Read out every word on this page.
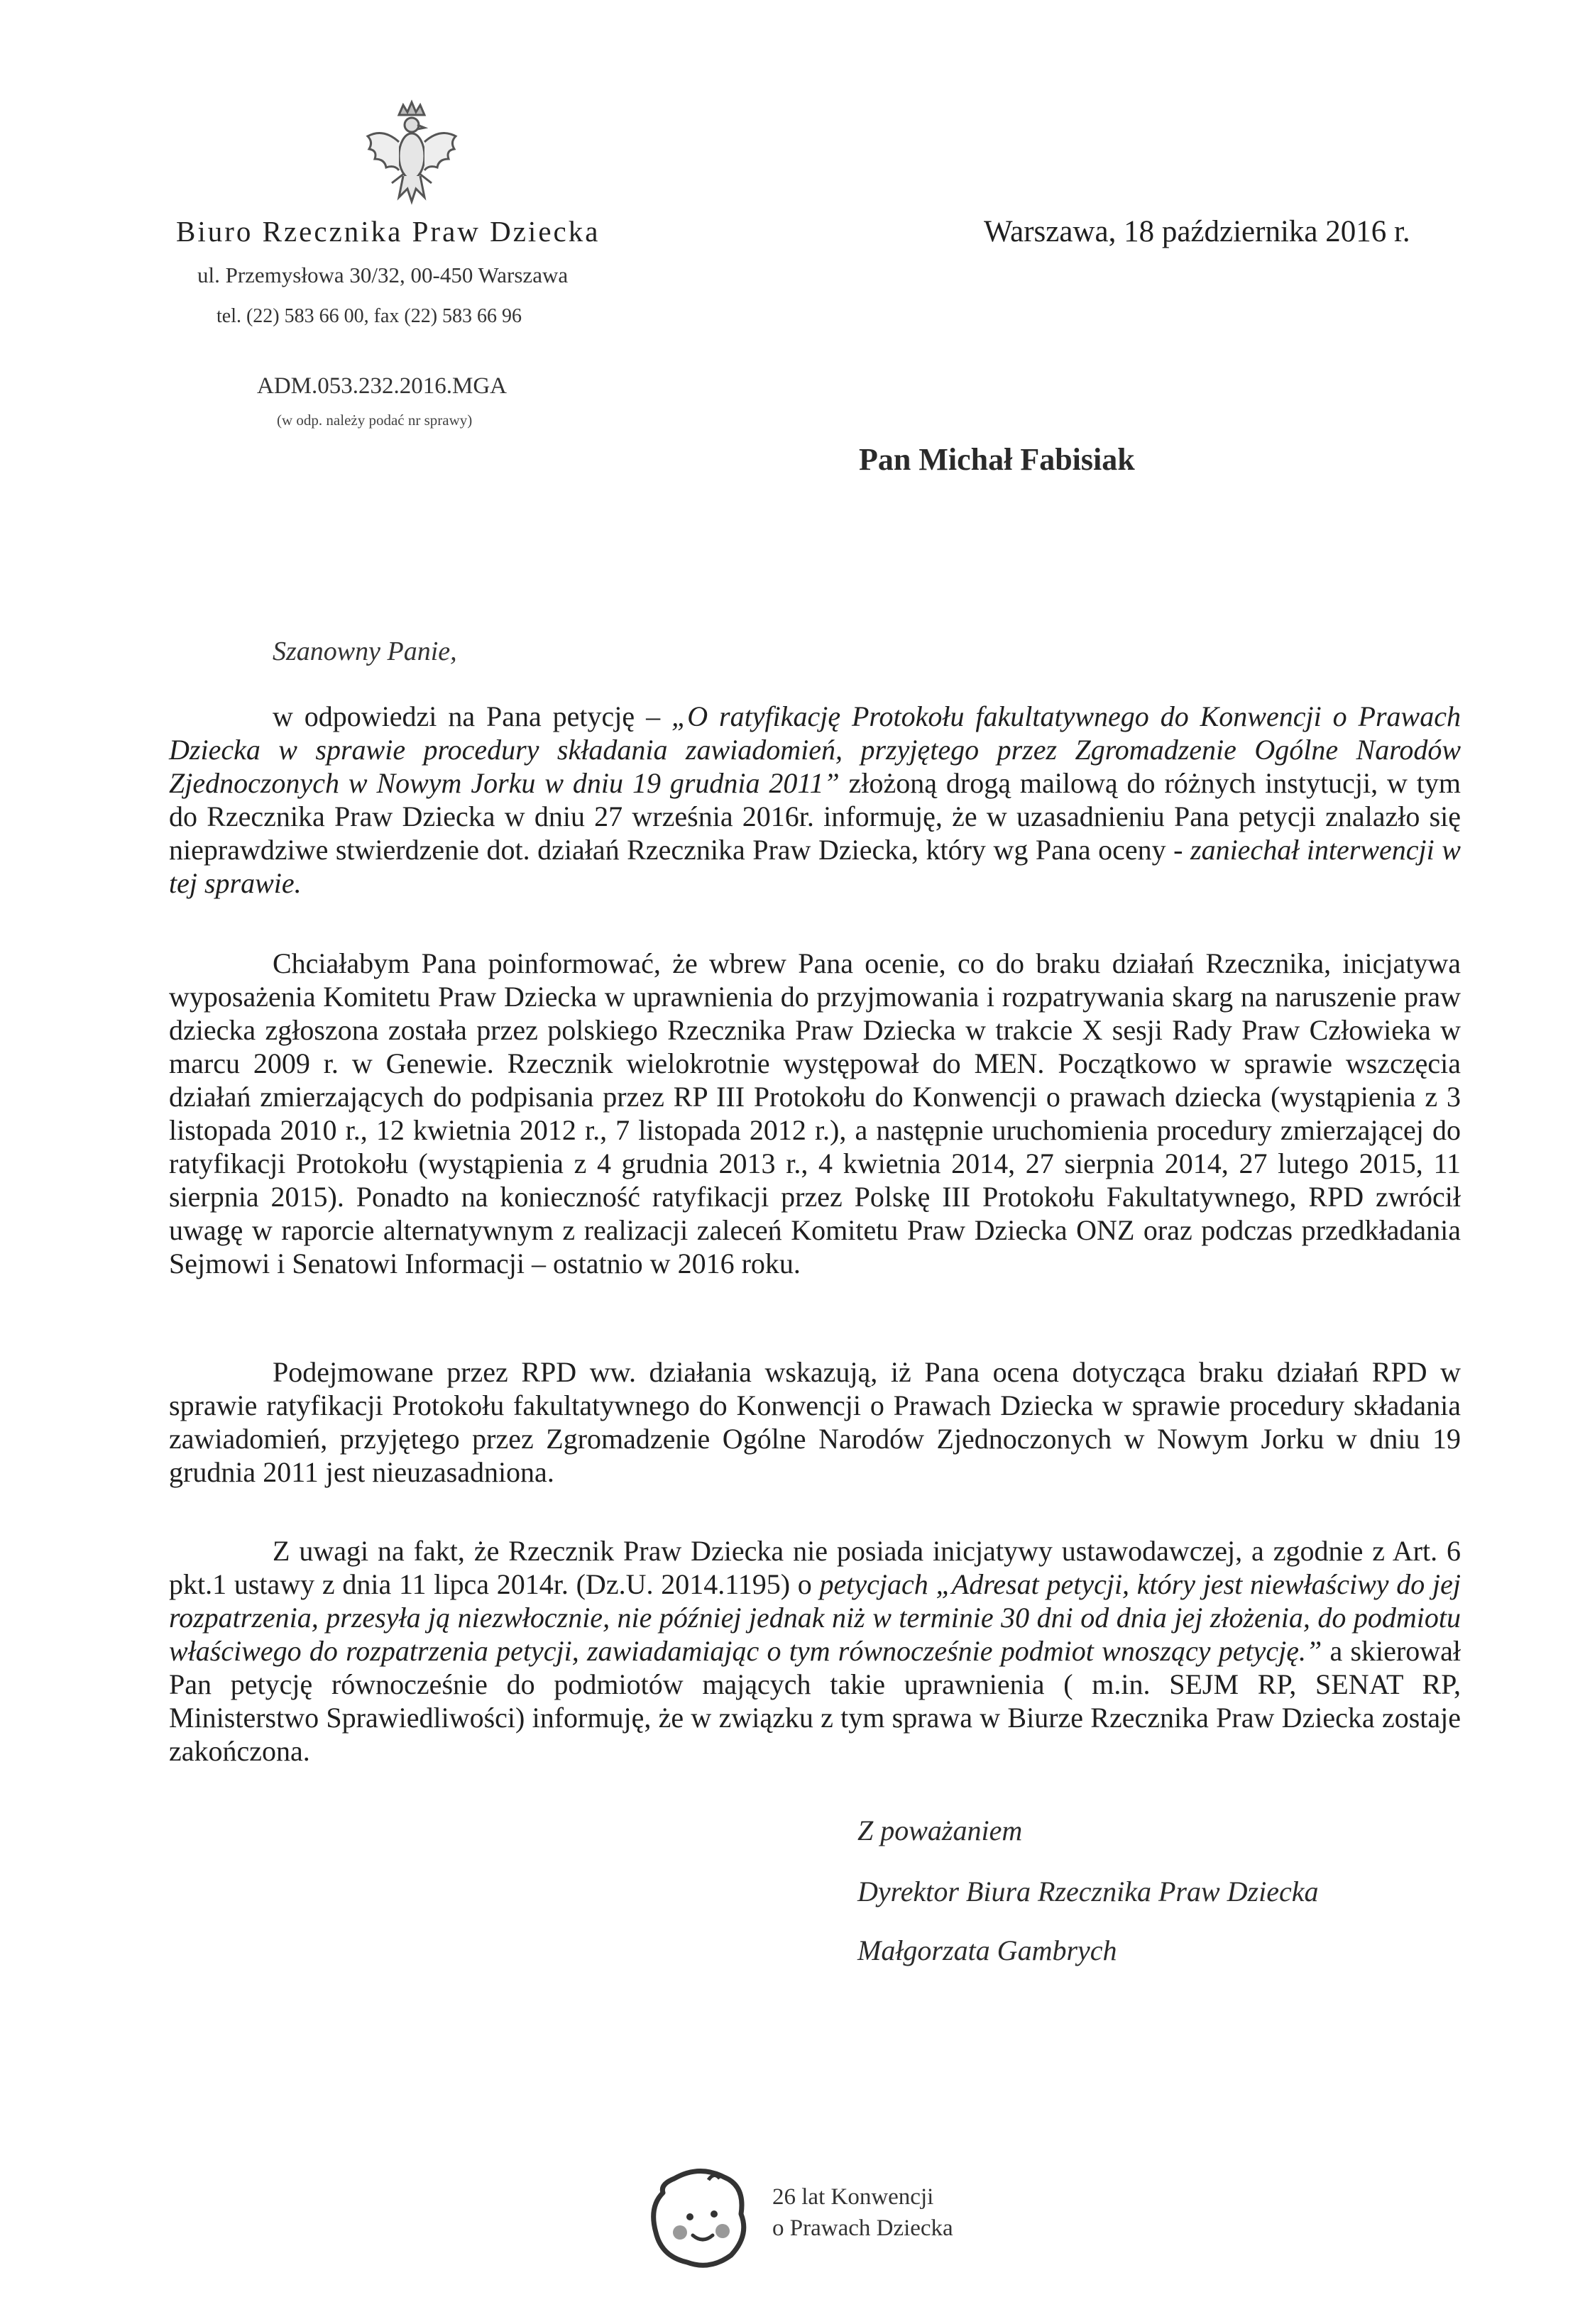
Biuro Rzecznika Praw Dziecka
ul. Przemysłowa 30/32, 00-450 Warszawa
tel. (22) 583 66 00, fax (22) 583 66 96
Warszawa, 18 października 2016 r.
ADM.053.232.2016.MGA
(w odp. należy podać nr sprawy)
Pan Michał Fabisiak
Szanowny Panie,

w odpowiedzi na Pana petycję – „O ratyfikację Protokołu fakultatywnego do Konwencji o Prawach Dziecka w sprawie procedury składania zawiadomień, przyjętego przez Zgromadzenie Ogólne Narodów Zjednoczonych w Nowym Jorku w dniu 19 grudnia 2011” złożoną drogą mailową do różnych instytucji, w tym do Rzecznika Praw Dziecka w dniu 27 września 2016r. informuję, że w uzasadnieniu Pana petycji znalazło się nieprawdziwe stwierdzenie dot. działań Rzecznika Praw Dziecka, który wg Pana oceny - zaniechał interwencji w tej sprawie.

Chciałabym Pana poinformować, że wbrew Pana ocenie, co do braku działań Rzecznika, inicjatywa wyposażenia Komitetu Praw Dziecka w uprawnienia do przyjmowania i rozpatrywania skarg na naruszenie praw dziecka zgłoszona została przez polskiego Rzecznika Praw Dziecka w trakcie X sesji Rady Praw Człowieka w marcu 2009 r. w Genewie. Rzecznik wielokrotnie występował do MEN. Początkowo w sprawie wszczęcia działań zmierzających do podpisania przez RP III Protokołu do Konwencji o prawach dziecka (wystąpienia z 3 listopada 2010 r., 12 kwietnia 2012 r., 7 listopada 2012 r.), a następnie uruchomienia procedury zmierzającej do ratyfikacji Protokołu (wystąpienia z 4 grudnia 2013 r., 4 kwietnia 2014, 27 sierpnia 2014, 27 lutego 2015, 11 sierpnia 2015). Ponadto na konieczność ratyfikacji przez Polskę III Protokołu Fakultatywnego, RPD zwrócił uwagę w raporcie alternatywnym z realizacji zaleceń Komitetu Praw Dziecka ONZ oraz podczas przedkładania Sejmowi i Senatowi Informacji – ostatnio w 2016 roku.

Podejmowane przez RPD ww. działania wskazują, iż Pana ocena dotycząca braku działań RPD w sprawie ratyfikacji Protokołu fakultatywnego do Konwencji o Prawach Dziecka w sprawie procedury składania zawiadomień, przyjętego przez Zgromadzenie Ogólne Narodów Zjednoczonych w Nowym Jorku w dniu 19 grudnia 2011 jest nieuzasadniona.

Z uwagi na fakt, że Rzecznik Praw Dziecka nie posiada inicjatywy ustawodawczej, a zgodnie z Art. 6 pkt.1 ustawy z dnia 11 lipca 2014r. (Dz.U. 2014.1195) o petycjach „Adresat petycji, który jest niewłaściwy do jej rozpatrzenia, przesyła ją niezwłocznie, nie później jednak niż w terminie 30 dni od dnia jej złożenia, do podmiotu właściwego do rozpatrzenia petycji, zawiadamiając o tym równocześnie podmiot wnoszący petycję.” a skierował Pan petycję równocześnie do podmiotów mających takie uprawnienia ( m.in. SEJM RP, SENAT RP, Ministerstwo Sprawiedliwości) informuję, że w związku z tym sprawa w Biurze Rzecznika Praw Dziecka zostaje zakończona.

Z poważaniem
Dyrektor Biura Rzecznika Praw Dziecka
Małgorzata Gambrych
26 lat Konwencji
o Prawach Dziecka
